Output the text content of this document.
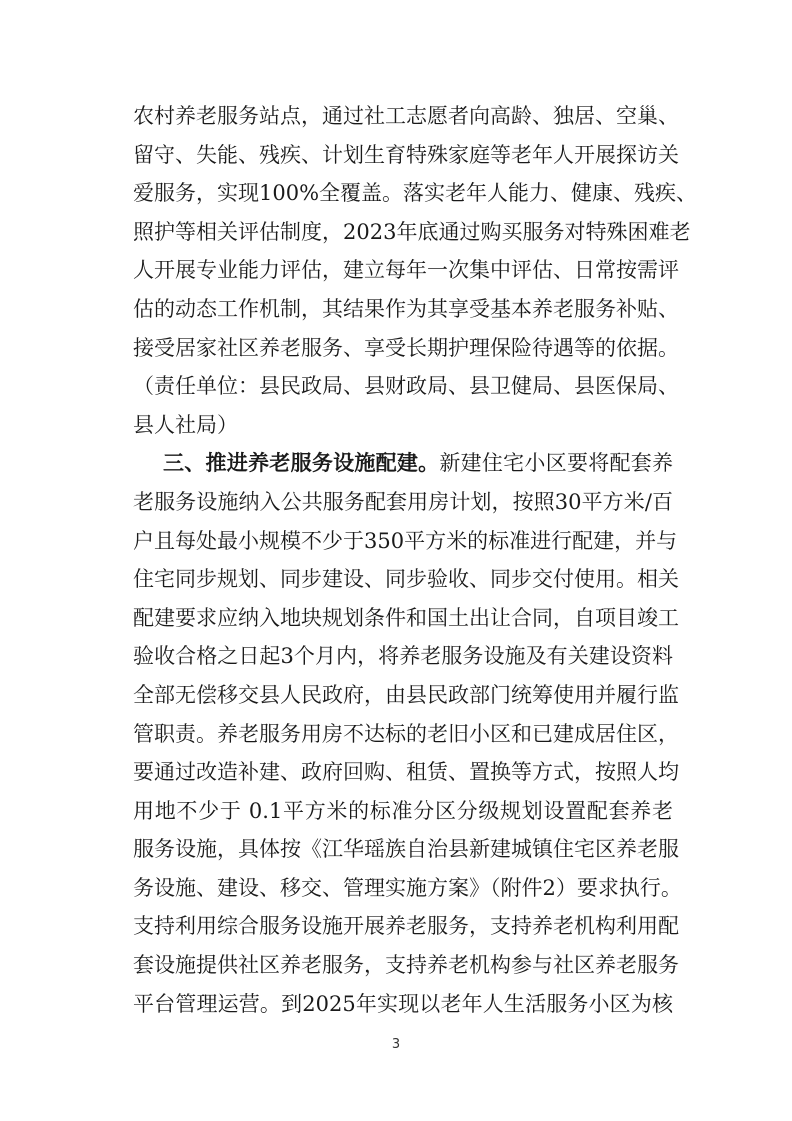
农村养老服务站点，通过社工志愿者向高龄、独居、空巢、
留守、失能、残疾、计划生育特殊家庭等老年人开展探访关
爱服务，实现100%全覆盖。落实老年人能力、健康、残疾、
照护等相关评估制度，2023年底通过购买服务对特殊困难老
人开展专业能力评估，建立每年一次集中评估、日常按需评
估的动态工作机制，其结果作为其享受基本养老服务补贴、
接受居家社区养老服务、享受长期护理保险待遇等的依据。
（责任单位：县民政局、县财政局、县卫健局、县医保局、
县人社局）
三、推进养老服务设施配建。新建住宅小区要将配套养
老服务设施纳入公共服务配套用房计划，按照30平方米/百
户且每处最小规模不少于350平方米的标准进行配建，并与
住宅同步规划、同步建设、同步验收、同步交付使用。相关
配建要求应纳入地块规划条件和国土出让合同，自项目竣工
验收合格之日起3个月内，将养老服务设施及有关建设资料
全部无偿移交县人民政府，由县民政部门统筹使用并履行监
管职责。养老服务用房不达标的老旧小区和已建成居住区，
要通过改造补建、政府回购、租赁、置换等方式，按照人均
用地不少于 0.1平方米的标准分区分级规划设置配套养老
服务设施，具体按《江华瑶族自治县新建城镇住宅区养老服
务设施、建设、移交、管理实施方案》（附件2）要求执行。
支持利用综合服务设施开展养老服务，支持养老机构利用配
套设施提供社区养老服务，支持养老机构参与社区养老服务
平台管理运营。到2025年实现以老年人生活服务小区为核
3
